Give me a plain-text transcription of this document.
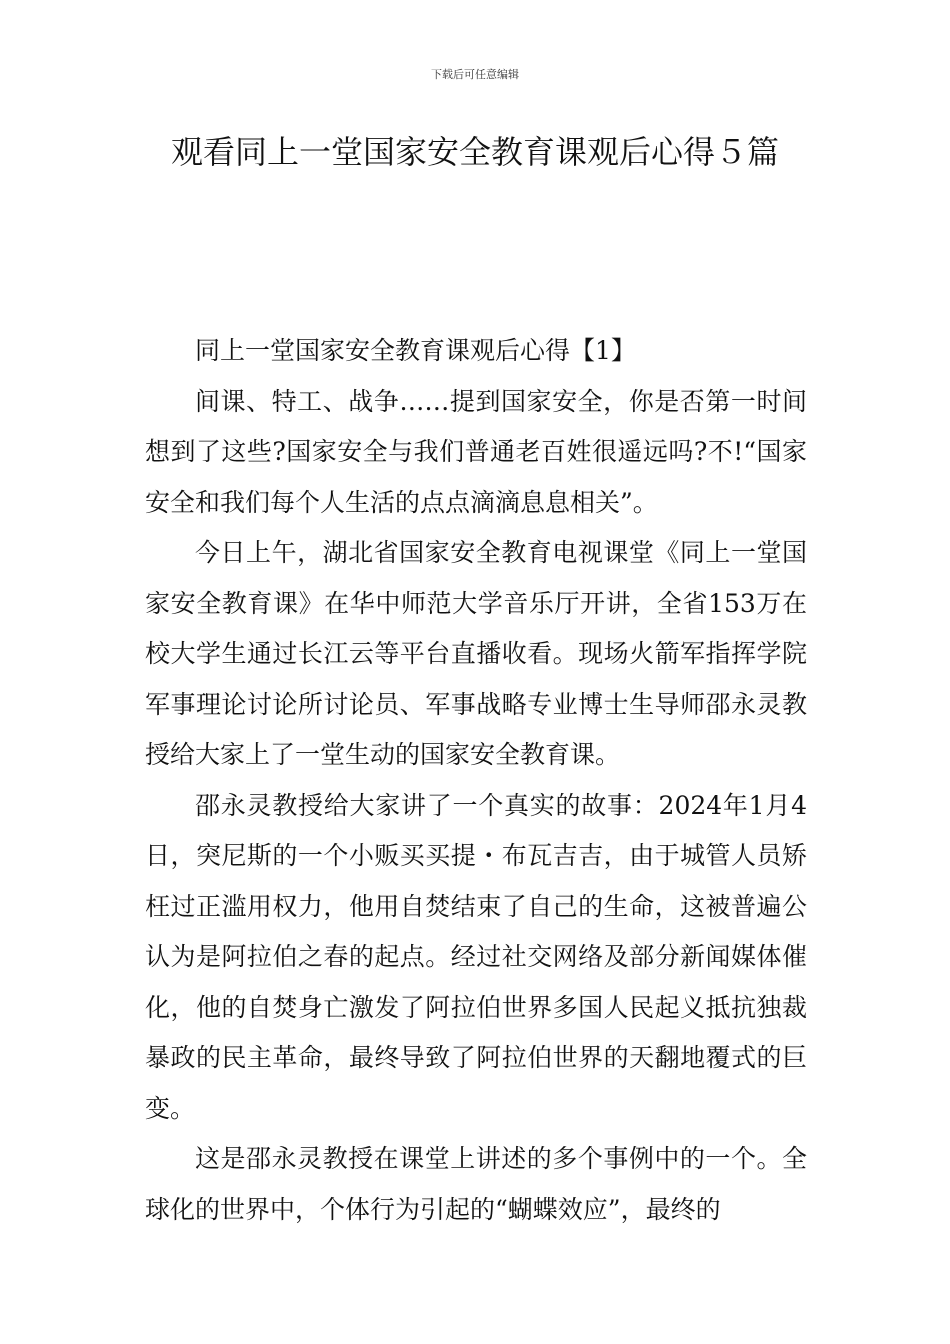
下载后可任意编辑
观看同上一堂国家安全教育课观后心得５篇

同上一堂国家安全教育课观后心得【1】

间课、特工、战争……提到国家安全，你是否第一时间想到了这些?国家安全与我们普通老百姓很遥远吗?不!“国家安全和我们每个人生活的点点滴滴息息相关”。

今日上午，湖北省国家安全教育电视课堂《同上一堂国家安全教育课》在华中师范大学音乐厅开讲，全省153万在校大学生通过长江云等平台直播收看。现场火箭军指挥学院军事理论讨论所讨论员、军事战略专业博士生导师邵永灵教授给大家上了一堂生动的国家安全教育课。

邵永灵教授给大家讲了一个真实的故事：2024年1月4日，突尼斯的一个小贩买买提・布瓦吉吉，由于城管人员矫枉过正滥用权力，他用自焚结束了自己的生命，这被普遍公认为是阿拉伯之春的起点。经过社交网络及部分新闻媒体催化，他的自焚身亡激发了阿拉伯世界多国人民起义抵抗独裁暴政的民主革命，最终导致了阿拉伯世界的天翻地覆式的巨变。

这是邵永灵教授在课堂上讲述的多个事例中的一个。全球化的世界中，个体行为引起的“蝴蝶效应”，最终的
